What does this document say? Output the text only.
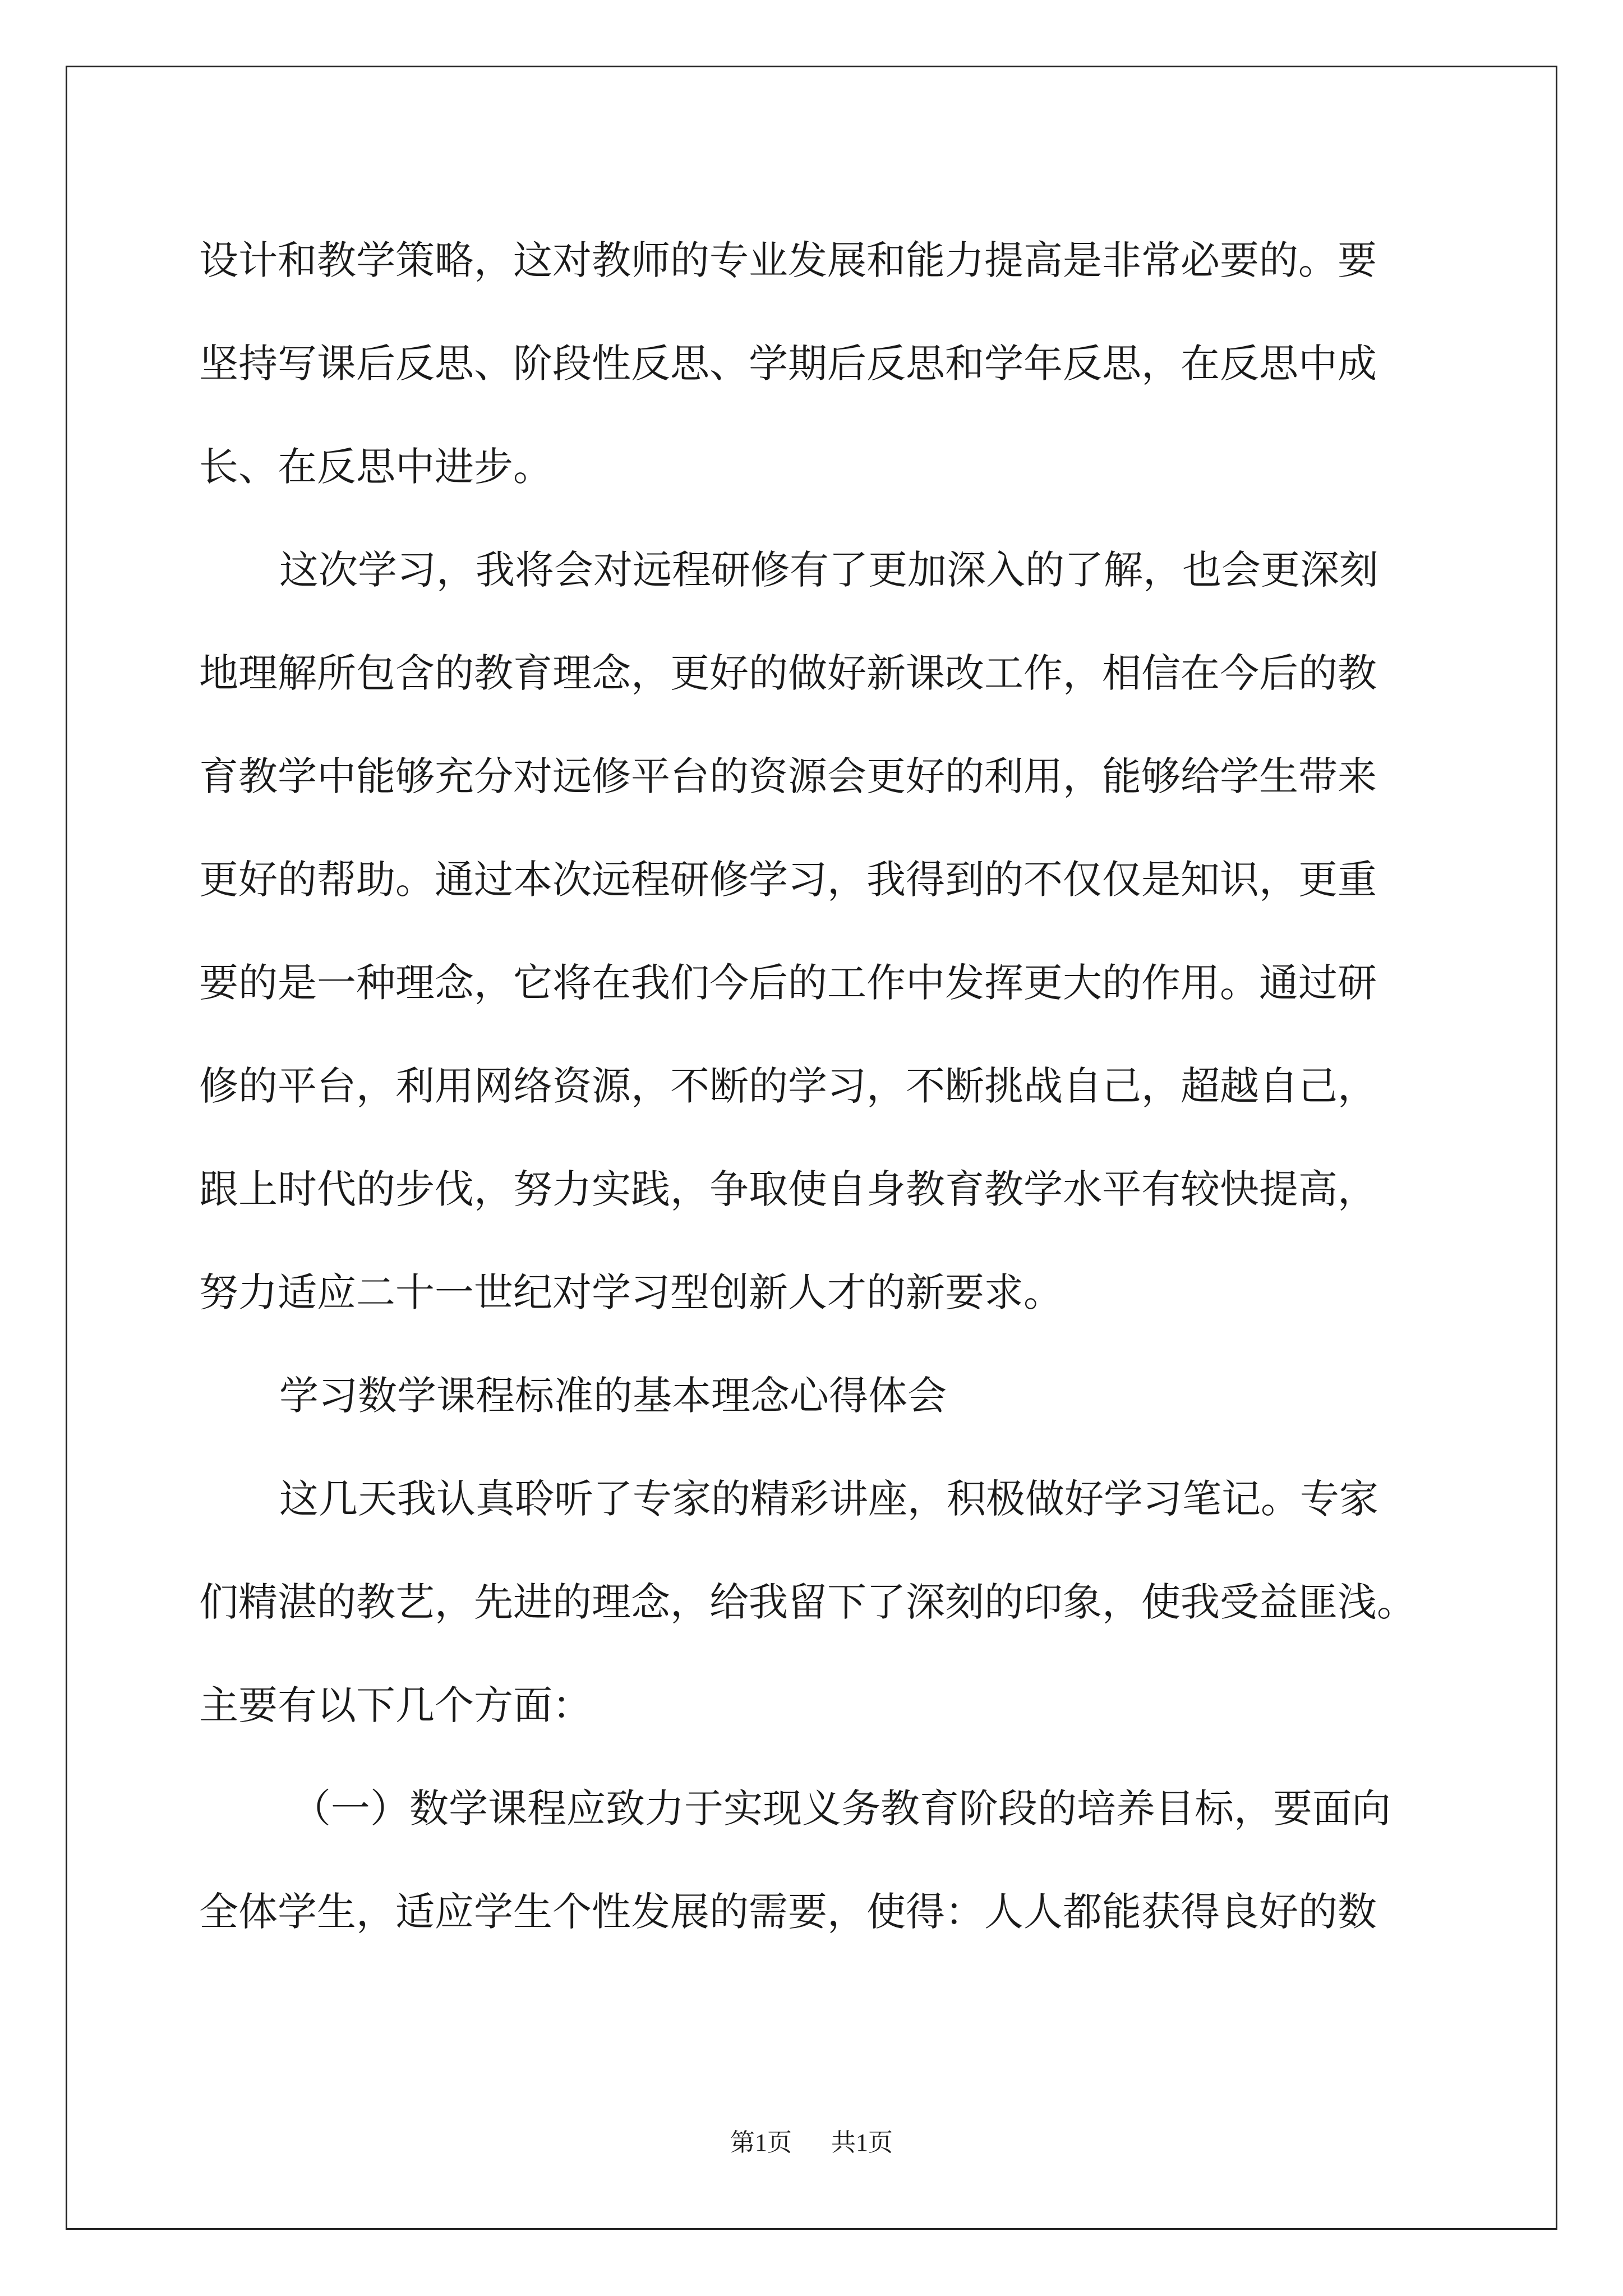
设计和教学策略，这对教师的专业发展和能力提高是非常必要的。要
坚持写课后反思、阶段性反思、学期后反思和学年反思，在反思中成
长、在反思中进步。
这次学习，我将会对远程研修有了更加深入的了解，也会更深刻
地理解所包含的教育理念，更好的做好新课改工作，相信在今后的教
育教学中能够充分对远修平台的资源会更好的利用，能够给学生带来
更好的帮助。通过本次远程研修学习，我得到的不仅仅是知识，更重
要的是一种理念，它将在我们今后的工作中发挥更大的作用。通过研
修的平台，利用网络资源，不断的学习，不断挑战自己，超越自己，
跟上时代的步伐，努力实践，争取使自身教育教学水平有较快提高，
努力适应二十一世纪对学习型创新人才的新要求。
学习数学课程标准的基本理念心得体会
这几天我认真聆听了专家的精彩讲座，积极做好学习笔记。专家
们精湛的教艺，先进的理念，给我留下了深刻的印象，使我受益匪浅。
主要有以下几个方面：
（一）数学课程应致力于实现义务教育阶段的培养目标，要面向
全体学生，适应学生个性发展的需要，使得：人人都能获得良好的数
第1页 共1页
